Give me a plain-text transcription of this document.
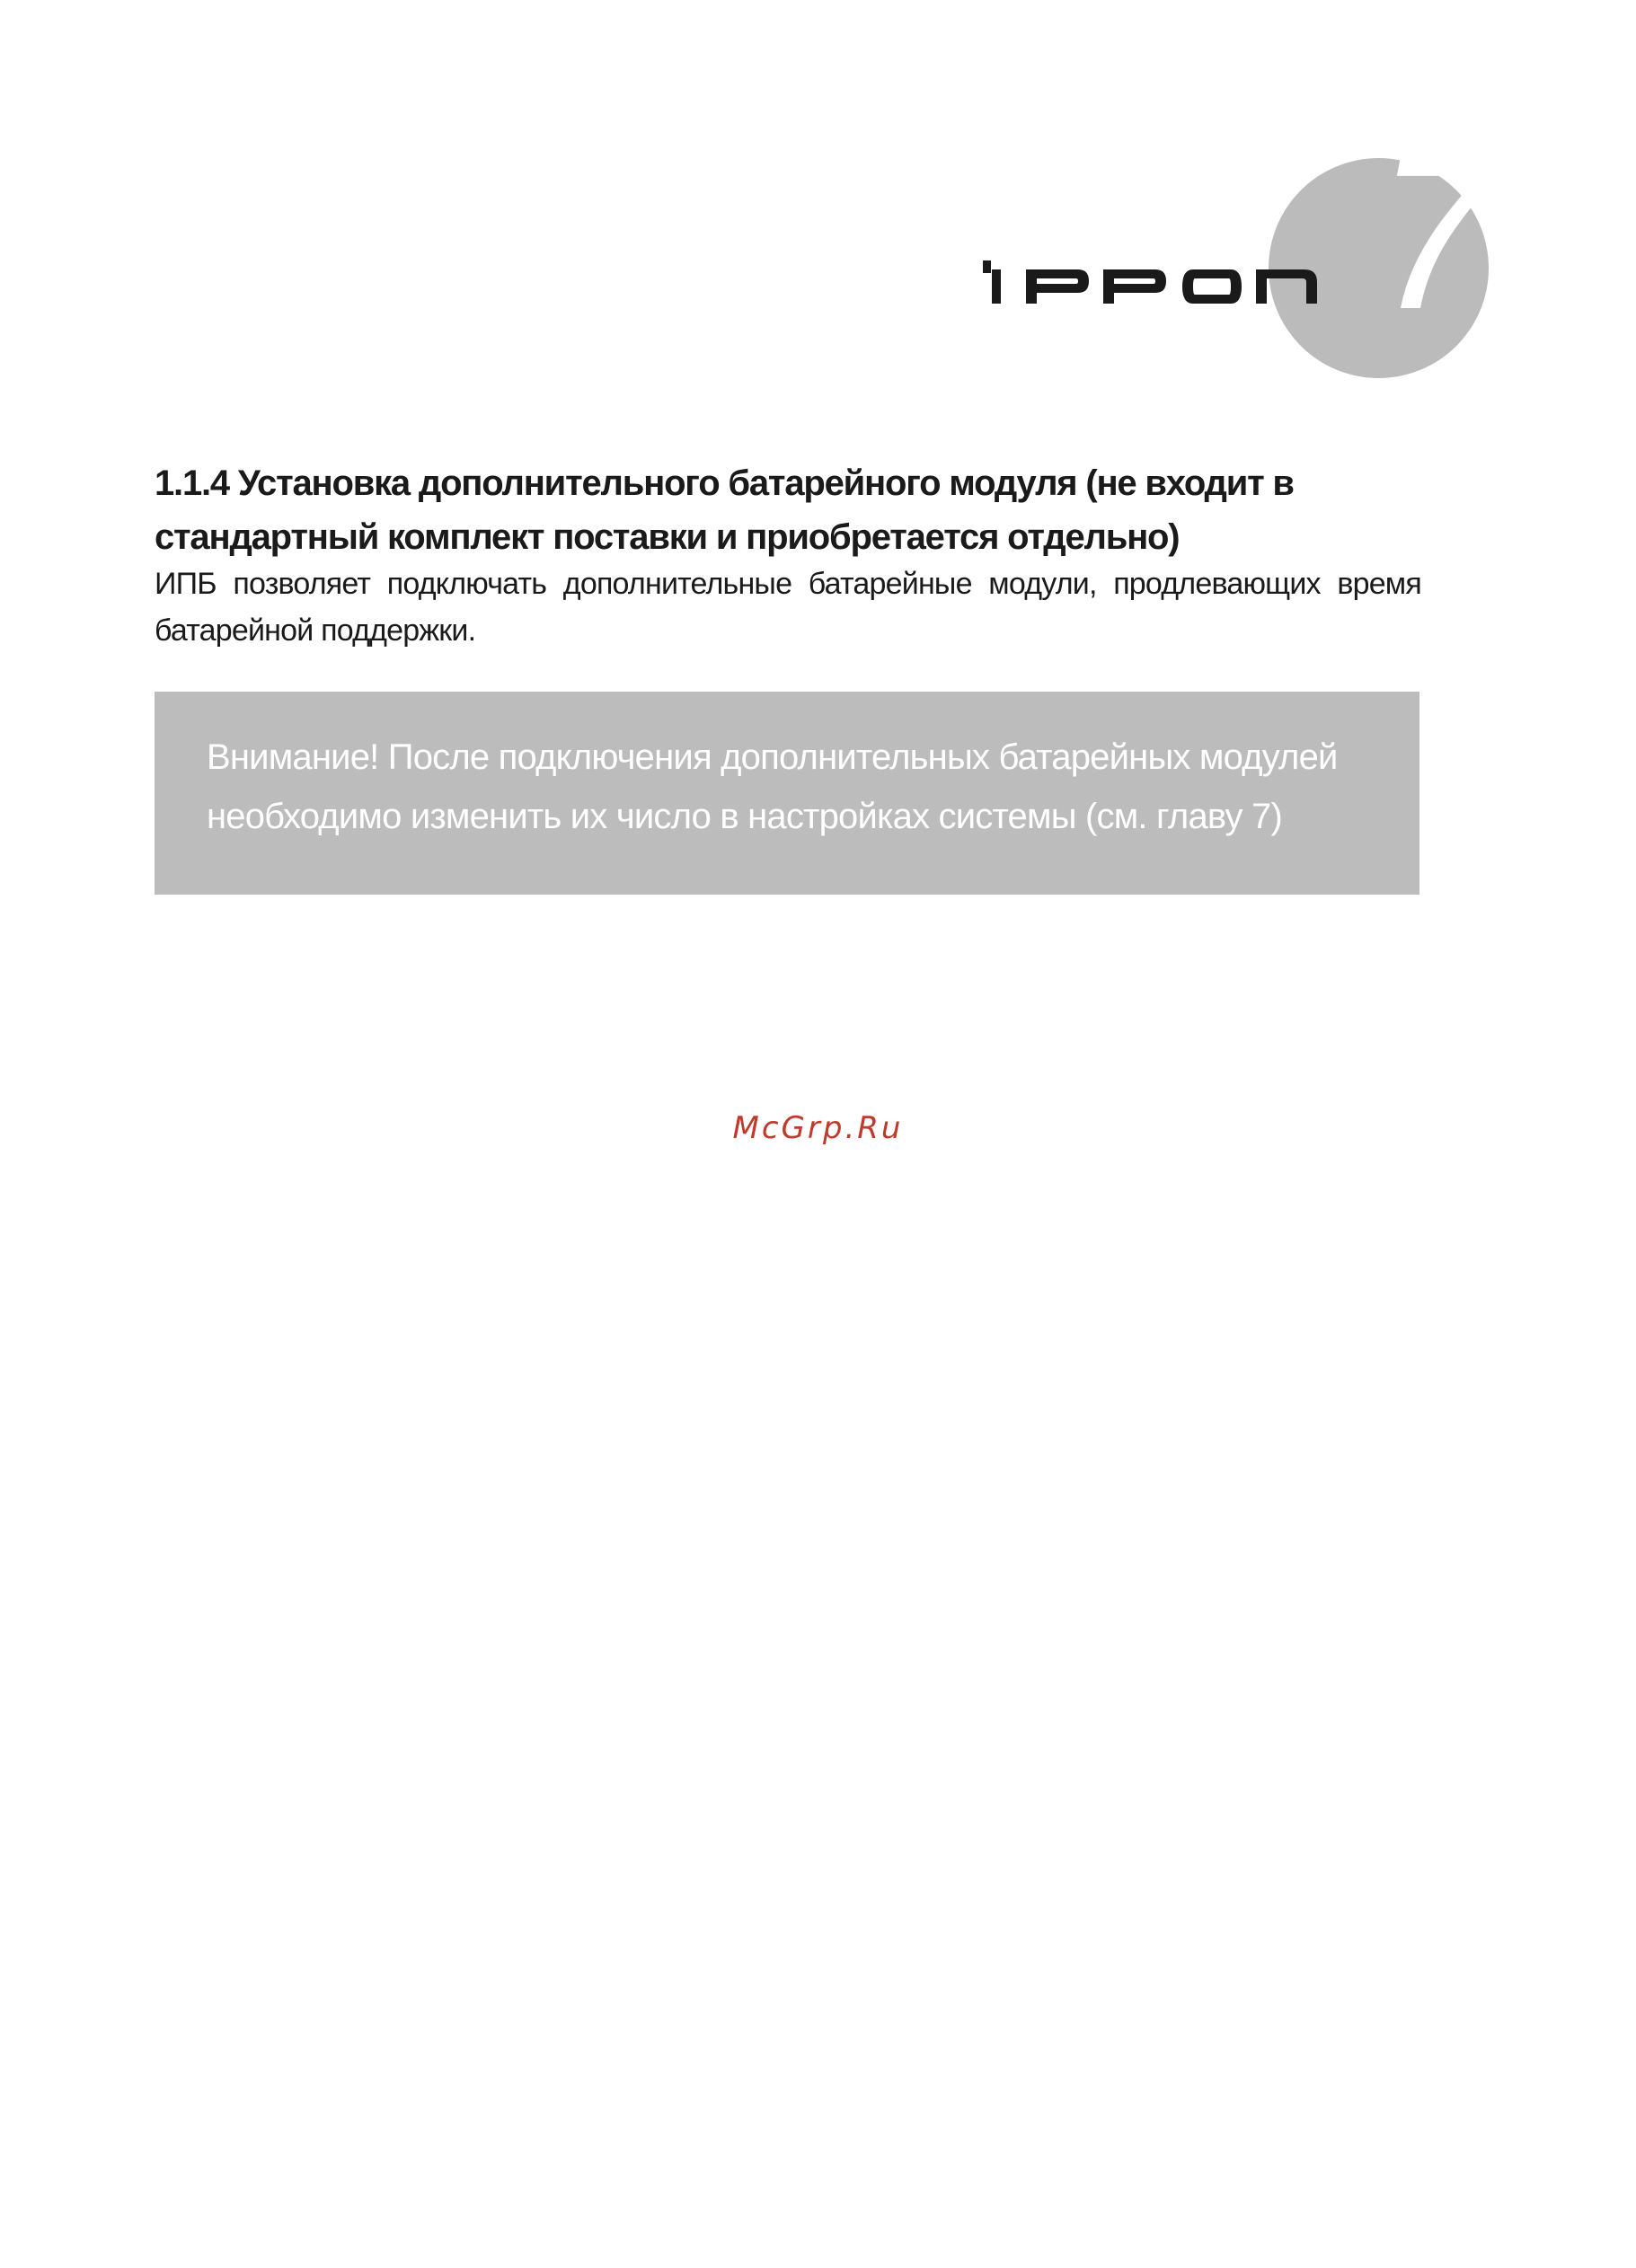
7
1.1.4 Установка дополнительного батарейного модуля (не входит в стандартный комплект поставки и приобретается отдельно)

ИПБ позволяет подключать дополнительные батарейные модули, продлевающих время батарейной поддержки.

Внимание! После подключения дополнительных батарейных модулей необходимо изменить их число в настройках системы (см. главу 7)

McGrp.Ru
